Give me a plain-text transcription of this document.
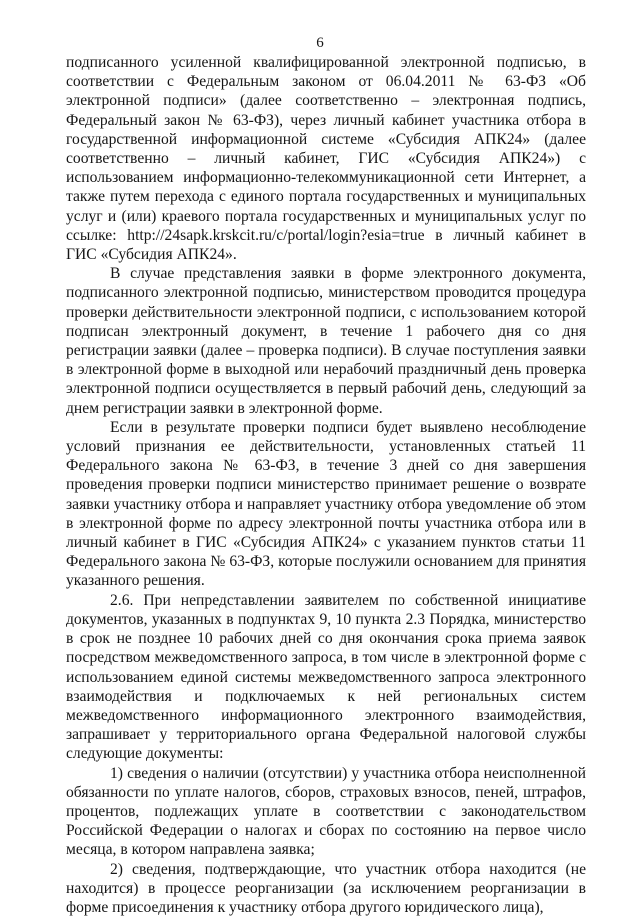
6

подписанного усиленной квалифицированной электронной подписью, в соответствии с Федеральным законом от 06.04.2011 № 63-ФЗ «Об электронной подписи» (далее соответственно – электронная подпись, Федеральный закон № 63-ФЗ), через личный кабинет участника отбора в государственной информационной системе «Субсидия АПК24» (далее соответственно – личный кабинет, ГИС «Субсидия АПК24») с использованием информационно-телекоммуникационной сети Интернет, а также путем перехода с единого портала государственных и муниципальных услуг и (или) краевого портала государственных и муниципальных услуг по ссылке: http://24sapk.krskcit.ru/c/portal/login?esia=true в личный кабинет в ГИС «Субсидия АПК24».

В случае представления заявки в форме электронного документа, подписанного электронной подписью, министерством проводится процедура проверки действительности электронной подписи, с использованием которой подписан электронный документ, в течение 1 рабочего дня со дня регистрации заявки (далее – проверка подписи). В случае поступления заявки в электронной форме в выходной или нерабочий праздничный день проверка электронной подписи осуществляется в первый рабочий день, следующий за днем регистрации заявки в электронной форме.

Если в результате проверки подписи будет выявлено несоблюдение условий признания ее действительности, установленных статьей 11 Федерального закона № 63-ФЗ, в течение 3 дней со дня завершения проведения проверки подписи министерство принимает решение о возврате заявки участнику отбора и направляет участнику отбора уведомление об этом в электронной форме по адресу электронной почты участника отбора или в личный кабинет в ГИС «Субсидия АПК24» с указанием пунктов статьи 11 Федерального закона № 63-ФЗ, которые послужили основанием для принятия указанного решения.

2.6. При непредставлении заявителем по собственной инициативе документов, указанных в подпунктах 9, 10 пункта 2.3 Порядка, министерство в срок не позднее 10 рабочих дней со дня окончания срока приема заявок посредством межведомственного запроса, в том числе в электронной форме с использованием единой системы межведомственного запроса электронного взаимодействия и подключаемых к ней региональных систем межведомственного информационного электронного взаимодействия, запрашивает у территориального органа Федеральной налоговой службы следующие документы:

1) сведения о наличии (отсутствии) у участника отбора неисполненной обязанности по уплате налогов, сборов, страховых взносов, пеней, штрафов, процентов, подлежащих уплате в соответствии с законодательством Российской Федерации о налогах и сборах по состоянию на первое число месяца, в котором направлена заявка;

2) сведения, подтверждающие, что участник отбора находится (не находится) в процессе реорганизации (за исключением реорганизации в форме присоединения к участнику отбора другого юридического лица),
